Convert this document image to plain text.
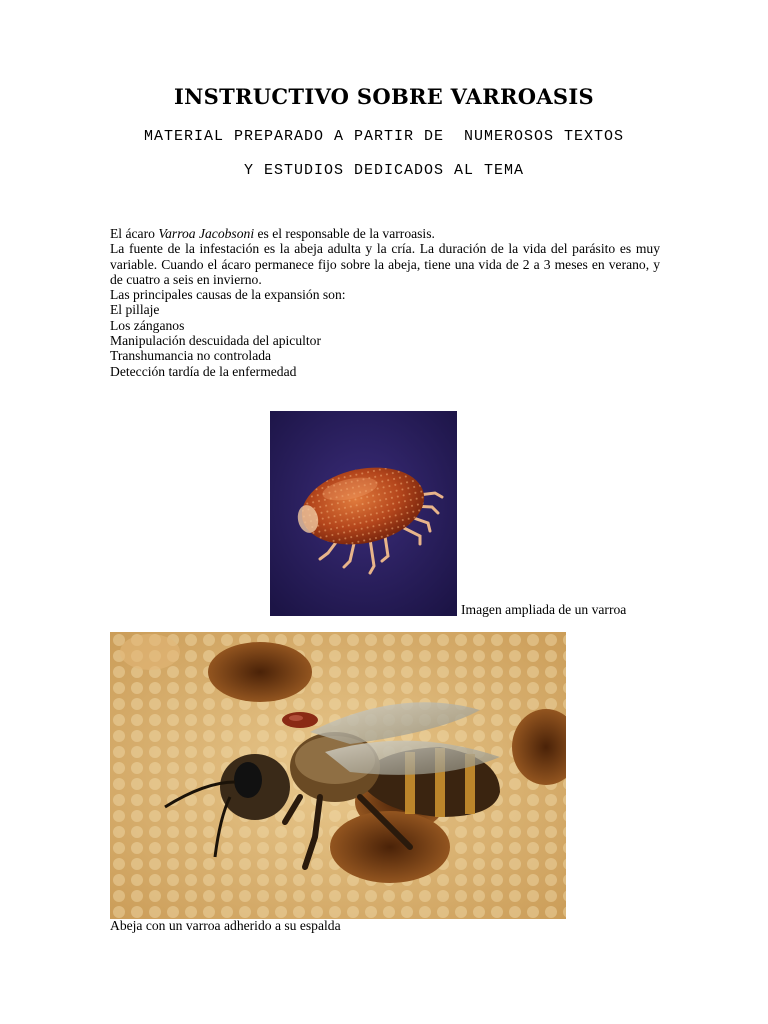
INSTRUCTIVO SOBRE VARROASIS
MATERIAL PREPARADO A PARTIR DE  NUMEROSOS TEXTOS
Y ESTUDIOS DEDICADOS AL TEMA

El ácaro Varroa Jacobsoni es el responsable de la varroasis.

La fuente de la infestación es la abeja adulta y la cría. La duración de la vida del parásito es muy variable. Cuando el ácaro permanece fijo sobre la abeja, tiene una vida de 2 a 3 meses en verano, y de cuatro a seis en invierno.

Las principales causas de la expansión son:

El pillaje

Los zánganos

Manipulación descuidada del apicultor

Transhumancia no controlada

Detección tardía de la enfermedad

Imagen ampliada de un varroa
Abeja con un varroa adherido a su espalda
